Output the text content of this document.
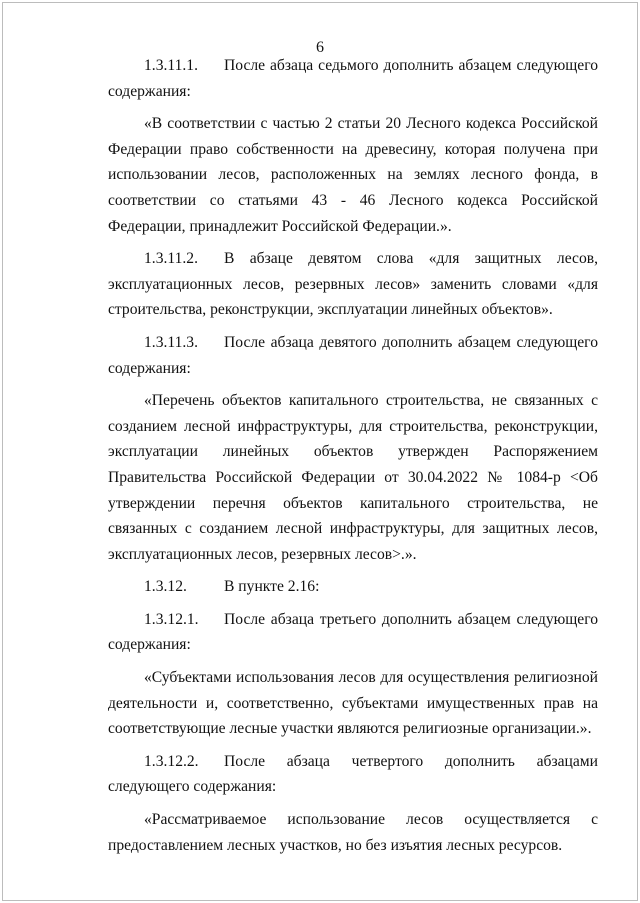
6

1.3.11.1. После абзаца седьмого дополнить абзацем следующего содержания:

«В соответствии с частью 2 статьи 20 Лесного кодекса Российской Федерации право собственности на древесину, которая получена при использовании лесов, расположенных на землях лесного фонда, в соответствии со статьями 43 - 46 Лесного кодекса Российской Федерации, принадлежит Российской Федерации.».

1.3.11.2. В абзаце девятом слова «для защитных лесов, эксплуатационных лесов, резервных лесов» заменить словами «для строительства, реконструкции, эксплуатации линейных объектов».

1.3.11.3. После абзаца девятого дополнить абзацем следующего содержания:

«Перечень объектов капитального строительства, не связанных с созданием лесной инфраструктуры, для строительства, реконструкции, эксплуатации линейных объектов утвержден Распоряжением Правительства Российской Федерации от 30.04.2022 № 1084-р <Об утверждении перечня объектов капитального строительства, не связанных с созданием лесной инфраструктуры, для защитных лесов, эксплуатационных лесов, резервных лесов>.».

1.3.12. В пункте 2.16:

1.3.12.1. После абзаца третьего дополнить абзацем следующего содержания:

«Субъектами использования лесов для осуществления религиозной деятельности и, соответственно, субъектами имущественных прав на соответствующие лесные участки являются религиозные организации.».

1.3.12.2. После абзаца четвертого дополнить абзацами следующего содержания:

«Рассматриваемое использование лесов осуществляется с предоставлением лесных участков, но без изъятия лесных ресурсов.
